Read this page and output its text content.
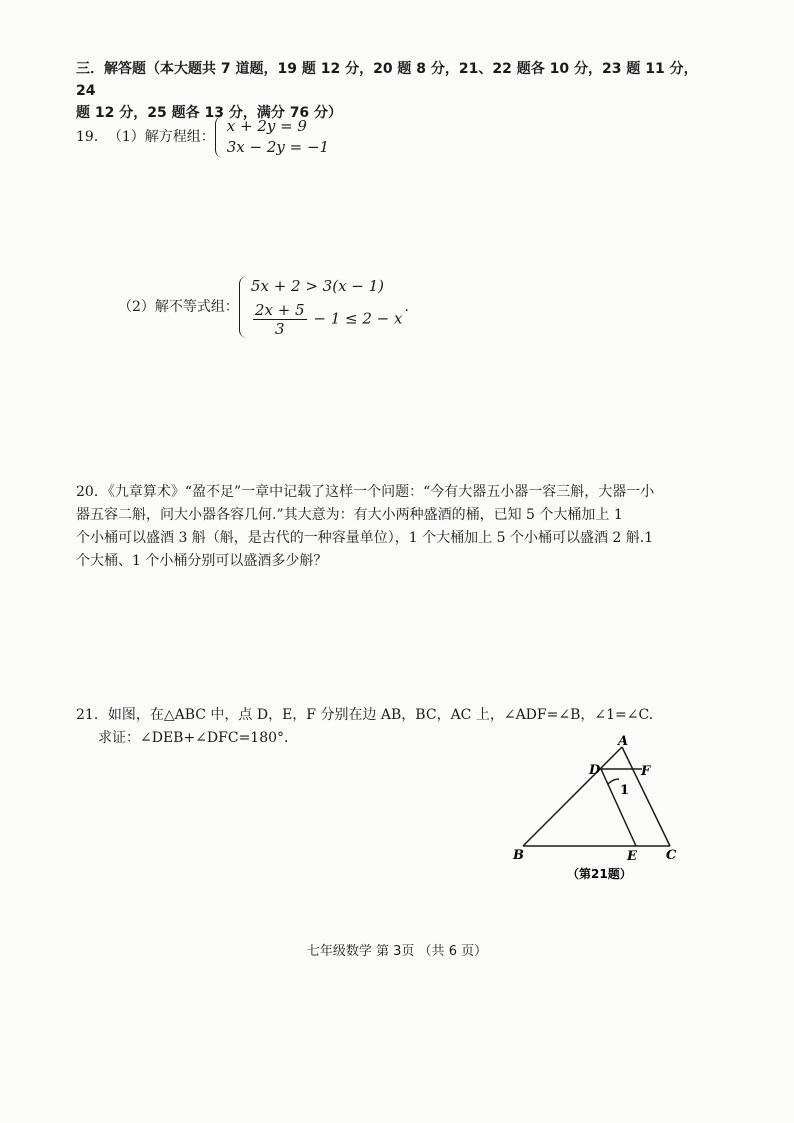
三．解答题（本大题共 7 道题，19 题 12 分，20 题 8 分，21、22 题各 10 分，23 题 11 分，24
题 12 分，25 题各 13 分，满分 76 分）
19． （1）解方程组：
x + 2y = 9
3x − 2y = −1
（2）解不等式组：
5x + 2 > 3(x − 1)
$\frac{2x + 5}{3} - 1 \le 2 - x$
．
20．《九章算术》“盈不足”一章中记载了这样一个问题：“今有大器五小器一容三斛，大器一小
器五容二斛，问大小器各容几何.”其大意为：有大小两种盛酒的桶，已知 5 个大桶加上 1
个小桶可以盛酒 3 斛（斛，是古代的一种容量单位），1 个大桶加上 5 个小桶可以盛酒 2 斛.1
个大桶、1 个小桶分别可以盛酒多少斛？
21．如图，在△ABC 中，点 D，E，F 分别在边 AB，BC，AC 上，∠ADF=∠B，∠1=∠C.
求证：∠DEB+∠DFC=180°.	A
B	C
D
E
F
1
（第21题）
七年级数学 第 3页 （共 6 页）
